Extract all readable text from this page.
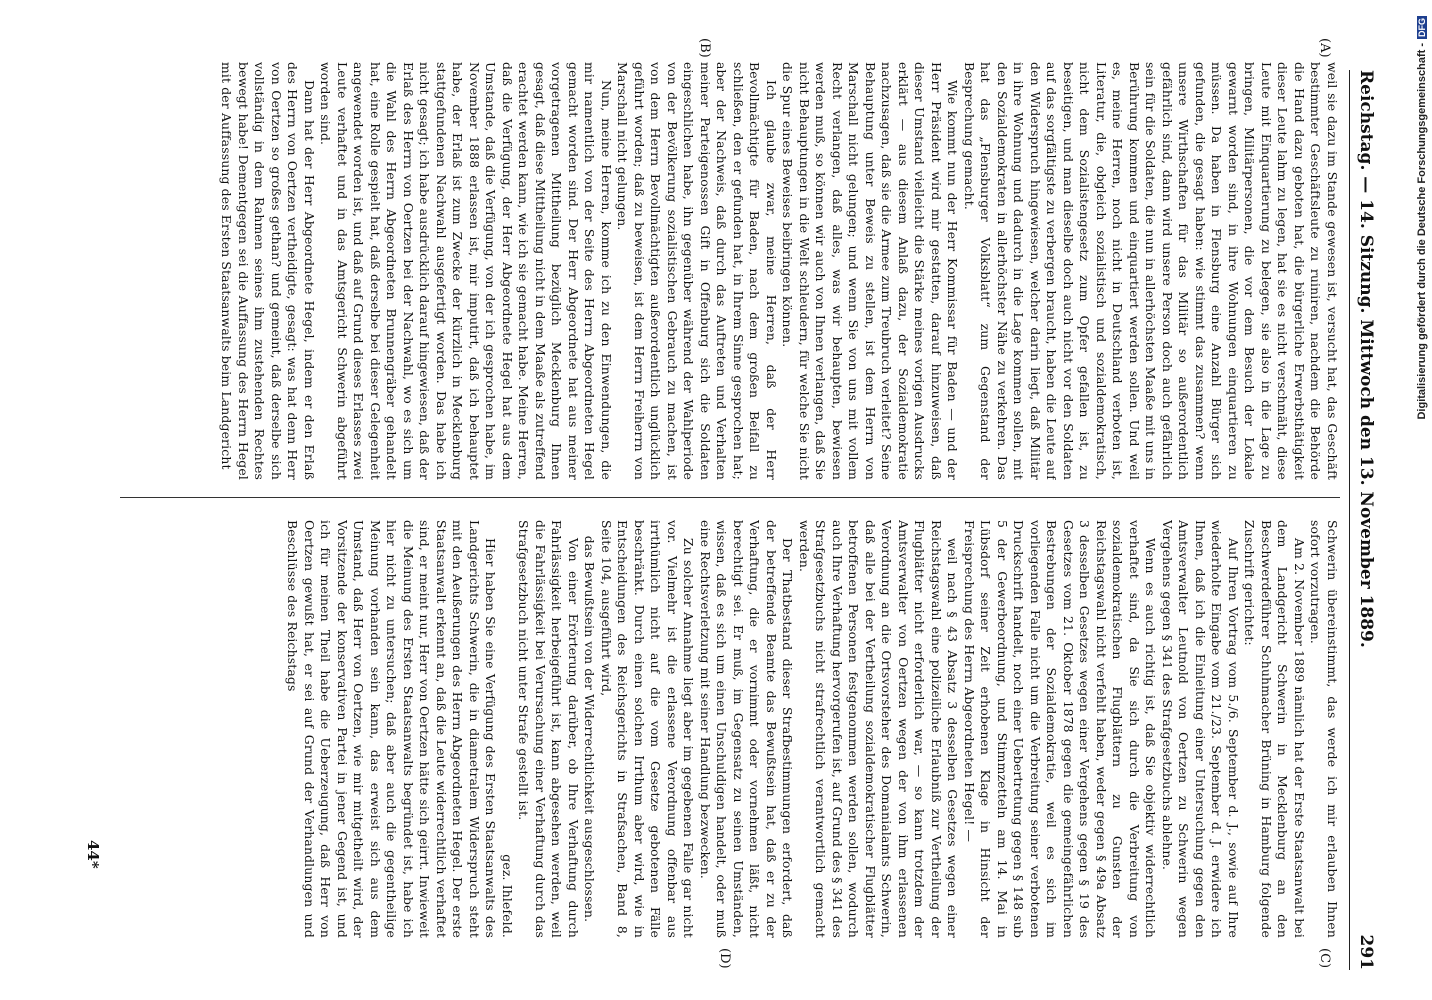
Reichstag. — 14. Sitzung. Mittwoch den 13. November 1889.
291
(A)
(B)
(C)
(D)

weil sie dazu im Stande gewesen ist, versucht hat, das Geschäft bestimmter Geschäftsleute zu ruiniren, nachdem die Behörde die Hand dazu geboten hat, die bürgerliche Erwerbsthätigkeit dieser Leute lahm zu legen, hat sie es nicht verschmäht, diese Leute mit Einquartierung zu belegen, sie also in die Lage zu bringen, Militärpersonen, die vor dem Besuch der Lokale gewarnt worden sind, in ihre Wohnungen einquartieren zu müssen. Da haben in Flensburg eine Anzahl Bürger sich gefunden, die gesagt haben: wie stimmt das zusammen? wenn unsere Wirthschaften für das Militär so außerordentlich gefährlich sind, dann wird unsere Person doch auch gefährlich sein für die Soldaten, die nun in allerhöchsten Maaße mit uns in Berührung kommen und einquartiert werden sollen. Und weil es, meine Herren, noch nicht in Deutschland verboten ist, Literatur, die, obgleich sozialistisch und sozialdemokratisch, nicht dem Sozialistengesetz zum Opfer gefallen ist, zu beseitigen, und man dieselbe doch auch nicht vor den Soldaten auf das sorgfältigste zu verbergen braucht, haben die Leute auf den Widerspruch hingewiesen, welcher darin liegt, daß Militär in ihre Wohnung und dadurch in die Lage kommen sollen, mit den Sozialdemokraten in allerhöchster Nähe zu verkehren. Das hat das „Flensburger Volksblatt“ zum Gegenstand der Besprechung gemacht.

Wie kommt nun der Herr Kommissar für Baden — und der Herr Präsident wird mir gestatten, darauf hinzuweisen, daß dieser Umstand vielleicht die Stärke meines vorigen Ausdrucks erklärt — aus diesem Anlaß dazu, der Sozialdemokratie nachzusagen, daß sie die Armee zum Treubruch verleitet? Seine Behauptung unter Beweis zu stellen, ist dem Herrn von Marschall nicht gelungen; und wenn Sie von uns mit vollem Recht verlangen, daß alles, was wir behaupten, bewiesen werden muß, so können wir auch von Ihnen verlangen, daß Sie nicht Behauptungen in die Welt schleudern, für welche Sie nicht die Spur eines Beweises beibringen können.

Ich glaube zwar, meine Herren, daß der Herr Bevollmächtigte für Baden, nach dem großen Beifall zu schließen, den er gefunden hat, in Ihrem Sinne gesprochen hat; aber der Nachweis, daß durch das Auftreten und Verhalten meiner Parteigenossen Gift in Offenburg sich die Soldaten eingeschlichen habe, ihn gegenüber während der Wahlperiode von der Bevölkerung sozialistischen Gebrauch zu machen, ist von dem Herrn Bevollmächtigten außerordentlich unglücklich geführt worden; daß zu beweisen, ist dem Herrn Freiherrn von Marschall nicht gelungen.

Nun, meine Herren, komme ich zu den Einwendungen, die mir namentlich von der Seite des Herrn Abgeordneten Hegel gemacht worden sind. Der Herr Abgeordnete hat aus meiner vorgetragenen Mittheilung bezüglich Mecklenburg Ihnen gesagt, daß diese Mittheilung nicht in dem Maaße als zutreffend erachtet werden kann, wie ich sie gemacht habe. Meine Herren, daß die Verfügung, der Herr Abgeordnete Hegel hat aus dem Umstande, daß die Verfügung, von der ich gesprochen habe, im November 1888 erlassen ist, mir imputirt, daß ich behauptet habe, der Erlaß ist zum Zwecke der kürzlich in Mecklenburg stattgefundenen Nachwahl ausgefertigt worden. Das habe ich nicht gesagt; ich habe ausdrücklich darauf hingewiesen, daß der Erlaß des Herrn von Oertzen bei der Nachwahl, wo es sich um die Wahl des Herrn Abgeordneten Brunnengräber gehandelt hat, eine Rolle gespielt hat, daß derselbe bei dieser Gelegenheit angewendet worden ist, und daß auf Grund dieses Erlasses zwei Leute verhaftet und in das Amtsgericht Schwerin abgeführt worden sind.

Dann hat der Herr Abgeordnete Hegel, indem er den Erlaß des Herrn von Oertzen vertheidigte, gesagt: was hat denn Herr von Oertzen so großes gethan? und gemeint, daß derselbe sich vollständig in dem Rahmen seines ihm zustehenden Rechtes bewegt habe! Dementgegen sei die Auffassung des Herrn Hegel mit der Auffassung des Ersten Staatsanwalts beim Landgericht

Schwerin übereinstimmt, das werde ich mir erlauben Ihnen sofort vorzutragen.

Am 2. November 1889 nämlich hat der Erste Staatsanwalt bei dem Landgericht Schwerin in Mecklenburg an den Beschwerdeführer Schuhmacher Brüning in Hamburg folgende Zuschrift gerichtet:

Auf Ihren Vortrag vom 5./6. September d. J., sowie auf Ihre wiederholte Eingabe vom 21./23. September d. J. erwidere ich Ihnen, daß ich die Einleitung einer Untersuchung gegen den Amtsverwalter Leutnold von Oertzen zu Schwerin wegen Vergehens gegen § 341 des Strafgesetzbuchs ablehne.

Wenn es auch richtig ist, daß Sie objektiv widerrechtlich verhaftet sind, da Sie sich durch die Verbreitung von sozialdemokratischen Flugblättern zu Gunsten der Reichstagswahl nicht verfehlt haben, weder gegen § 49a Absatz 3 desselben Gesetzes wegen einer Vergehens gegen § 19 des Gesetzes vom 21. Oktober 1878 gegen die gemeingefährlichen Bestrebungen der Sozialdemokratie, weil es sich im vorliegenden Falle nicht um die Verbreitung seiner verbotenen Druckschrift handelt, noch einer Uebertretung gegen § 148 sub 5 der Gewerbeordnung, und Stimmzetteln am 14. Mai in Lübsdorf seiner Zeit erhobenen Klage in Hinsicht der Freisprechung des Herrn Abgeordneten Hegel! —

weil nach § 43 Absatz 3 desselben Gesetzes wegen einer Reichstagswahl eine polizeiliche Erlaubniß zur Vertheilung der Flugblätter nicht erforderlich war, — so kann trotzdem der Amtsverwalter von Oertzen wegen der von ihm erlassenen Verordnung an die Ortsvorsteher des Domanialamts Schwerin, daß alle bei der Vertheilung sozialdemokratischer Flugblätter betroffenen Personen festgenommen werden sollen, wodurch auch Ihre Verhaftung hervorgerufen ist, auf Grund des § 341 des Strafgesetzbuchs nicht strafrechtlich verantwortlich gemacht werden.

Der Thatbestand dieser Strafbestimmungen erfordert, daß der betreffende Beamte das Bewußtsein hat, daß er zu der Verhaftung, die er vornimmt oder vornehmen läßt, nicht berechtigt sei. Er muß, im Gegensatz zu seinen Umständen, wissen, daß es sich um einen Unschuldigen handelt, oder muß eine Rechtsverletzung mit seiner Handlung bezwecken.

Zu solcher Annahme liegt aber im gegebenen Falle gar nicht vor. Vielmehr ist die erlassene Verordnung offenbar aus irrthümlich nicht auf die vom Gesetze gebotenen Fälle beschränkt. Durch einen solchen Irrthum aber wird, wie in Entscheidungen des Reichsgerichts in Strafsachen, Band 8, Seite 104, ausgeführt wird,

das Bewußtsein von der Widerrechtlichkeit ausgeschlossen.

Von einer Erörterung darüber, ob Ihre Verhaftung durch Fahrlässigkeit herbeigeführt ist, kann abgesehen werden, weil die Fahrlässigkeit bei Verursachung einer Verhaftung durch das Strafgesetzbuch nicht unter Strafe gestellt ist.

gez. Ihlefeld.

Hier haben Sie eine Verfügung des Ersten Staatsanwalts des Landgerichts Schwerin, die in diametralem Widerspruch steht mit den Aeußerungen des Herrn Abgeordneten Hegel. Der erste Staatsanwalt erkennt an, daß die Leute widerrechtlich verhaftet sind, er meint nur, Herr von Oertzen hätte sich geirrt. Inwieweit die Meinung des Ersten Staatsanwalts begründet ist, habe ich hier nicht zu untersuchen; daß aber auch die gegentheilige Meinung vorhanden sein kann, das erweist sich aus dem Umstand, daß Herr von Oertzen, wie mir mitgetheilt wird, der Vorsitzende der konservativen Partei in jener Gegend ist, und ich für meinen Theil habe die Ueberzeugung, daß Herr von Oertzen gewußt hat, er sei auf Grund der Verhandlungen und Beschlüsse des Reichstags

44*
Digitalisierung gefördert durch die Deutsche Forschungsgemeinschaft -DFG
